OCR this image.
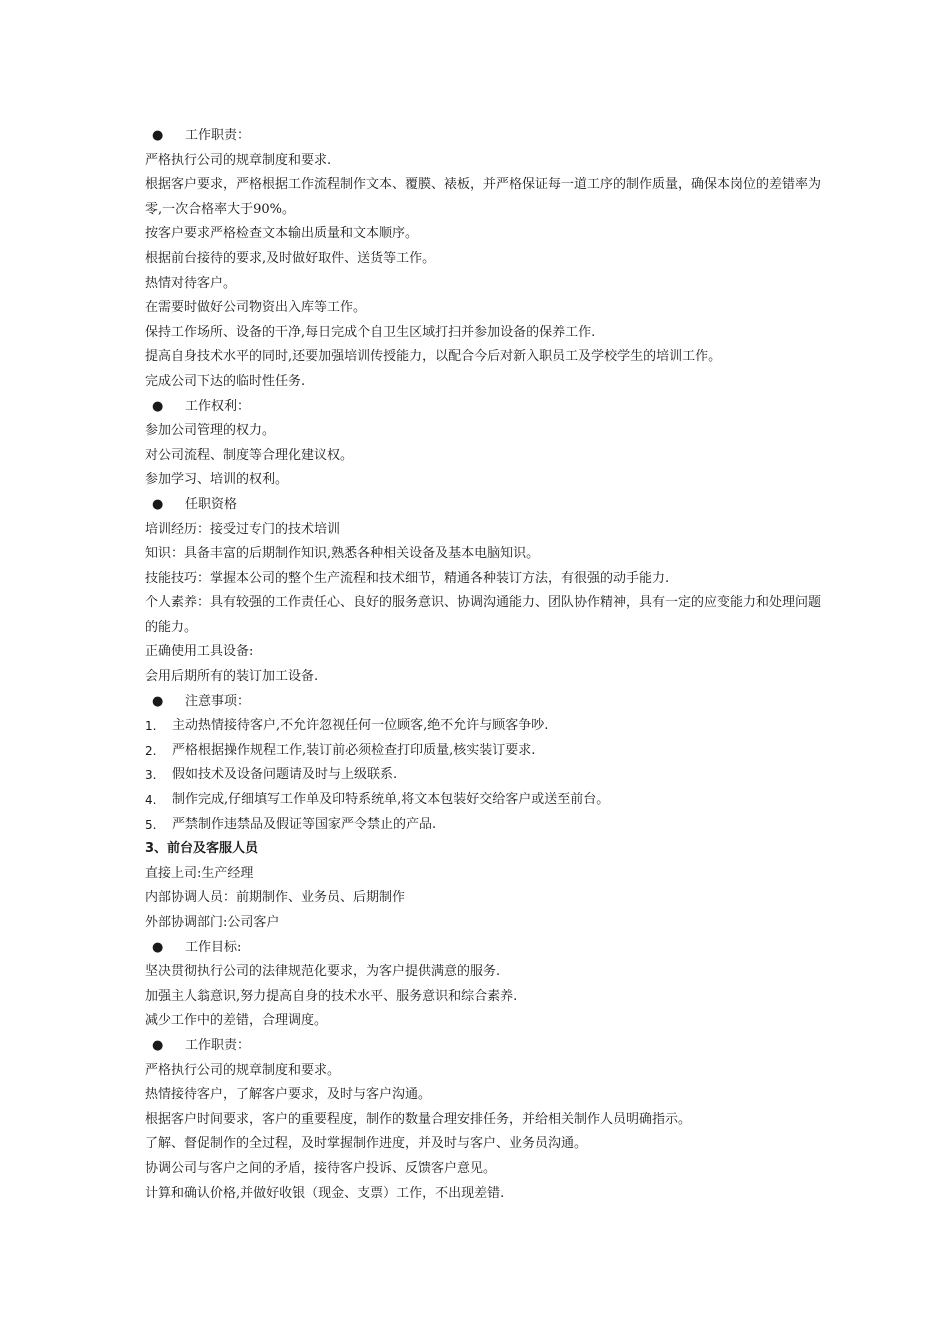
● 工作职责：
严格执行公司的规章制度和要求.
根据客户要求，严格根据工作流程制作文本、覆膜、裱板，并严格保证每一道工序的制作质量，确保本岗位的差错率为零,一次合格率大于90%。
按客户要求严格检查文本输出质量和文本顺序。
根据前台接待的要求,及时做好取件、送货等工作。
热情对待客户。
在需要时做好公司物资出入库等工作。
保持工作场所、设备的干净,每日完成个自卫生区域打扫并参加设备的保养工作.
提高自身技术水平的同时,还要加强培训传授能力，以配合今后对新入职员工及学校学生的培训工作。
完成公司下达的临时性任务.
● 工作权利：
参加公司管理的权力。
对公司流程、制度等合理化建议权。
参加学习、培训的权利。
● 任职资格
培训经历：接受过专门的技术培训
知识：具备丰富的后期制作知识,熟悉各种相关设备及基本电脑知识。
技能技巧：掌握本公司的整个生产流程和技术细节，精通各种装订方法，有很强的动手能力.
个人素养：具有较强的工作责任心、良好的服务意识、协调沟通能力、团队协作精神，具有一定的应变能力和处理问题的能力。
正确使用工具设备:
会用后期所有的装订加工设备.
● 注意事项：
1. 主动热情接待客户,不允许忽视任何一位顾客,绝不允许与顾客争吵.
2. 严格根据操作规程工作,装订前必须检查打印质量,核实装订要求.
3. 假如技术及设备问题请及时与上级联系.
4. 制作完成,仔细填写工作单及印特系统单,将文本包装好交给客户或送至前台。
5. 严禁制作违禁品及假证等国家严令禁止的产品.
3、前台及客服人员
直接上司:生产经理
内部协调人员：前期制作、业务员、后期制作
外部协调部门:公司客户
● 工作目标:
坚决贯彻执行公司的法律规范化要求，为客户提供满意的服务.
加强主人翁意识,努力提高自身的技术水平、服务意识和综合素养.
减少工作中的差错，合理调度。
● 工作职责：
严格执行公司的规章制度和要求。
热情接待客户，了解客户要求，及时与客户沟通。
根据客户时间要求，客户的重要程度，制作的数量合理安排任务，并给相关制作人员明确指示。
了解、督促制作的全过程，及时掌握制作进度，并及时与客户、业务员沟通。
协调公司与客户之间的矛盾，接待客户投诉、反馈客户意见。
计算和确认价格,并做好收银（现金、支票）工作，不出现差错.
